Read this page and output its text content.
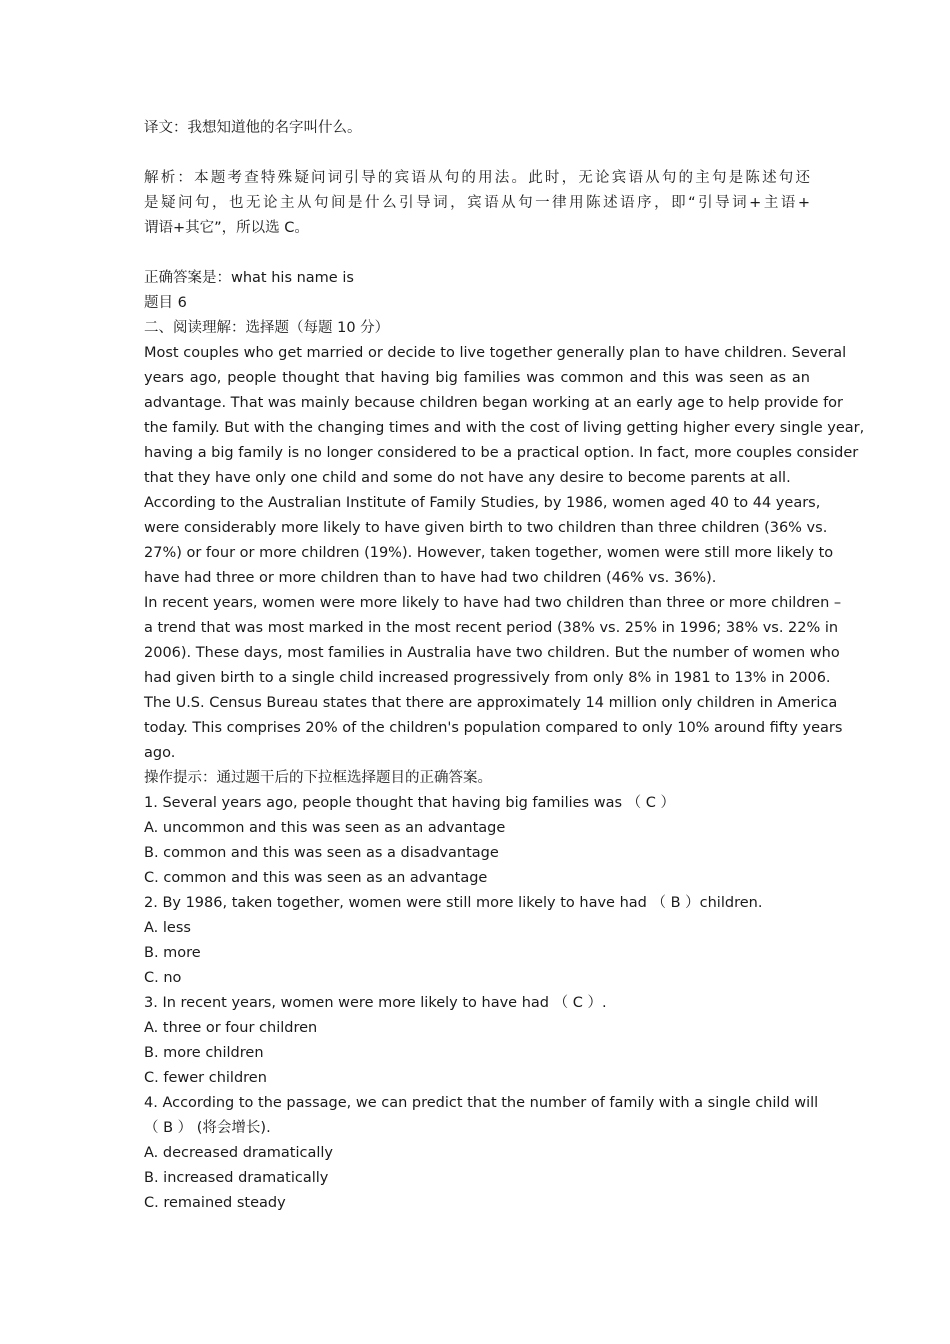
译文：我想知道他的名字叫什么。
解析：本题考查特殊疑问词引导的宾语从句的用法。此时，无论宾语从句的主句是陈述句还
是疑问句，也无论主从句间是什么引导词，宾语从句一律用陈述语序，即“引导词+主语+
谓语+其它”，所以选 C。
正确答案是：what his name is
题目 6
二、阅读理解：选择题（每题 10 分）
Most couples who get married or decide to live together generally plan to have children. Several
years ago, people thought that having big families was common and this was seen as an
advantage. That was mainly because children began working at an early age to help provide for
the family. But with the changing times and with the cost of living getting higher every single year,
having a big family is no longer considered to be a practical option. In fact, more couples consider
that they have only one child and some do not have any desire to become parents at all.
According to the Australian Institute of Family Studies, by 1986, women aged 40 to 44 years,
were considerably more likely to have given birth to two children than three children (36% vs.
27%) or four or more children (19%). However, taken together, women were still more likely to
have had three or more children than to have had two children (46% vs. 36%).
In recent years, women were more likely to have had two children than three or more children –
a trend that was most marked in the most recent period (38% vs. 25% in 1996; 38% vs. 22% in
2006). These days, most families in Australia have two children. But the number of women who
had given birth to a single child increased progressively from only 8% in 1981 to 13% in 2006.
The U.S. Census Bureau states that there are approximately 14 million only children in America
today. This comprises 20% of the children's population compared to only 10% around fifty years
ago.
操作提示：通过题干后的下拉框选择题目的正确答案。
1. Several years ago, people thought that having big families was （ C ）
A. uncommon and this was seen as an advantage
B. common and this was seen as a disadvantage
C. common and this was seen as an advantage
2. By 1986, taken together, women were still more likely to have had （ B ）children.
A. less
B. more
C. no
3. In recent years, women were more likely to have had （ C ）.
A. three or four children
B. more children
C. fewer children
4. According to the passage, we can predict that the number of family with a single child will
（ B ） (将会增长).
A. decreased dramatically
B. increased dramatically
C. remained steady
